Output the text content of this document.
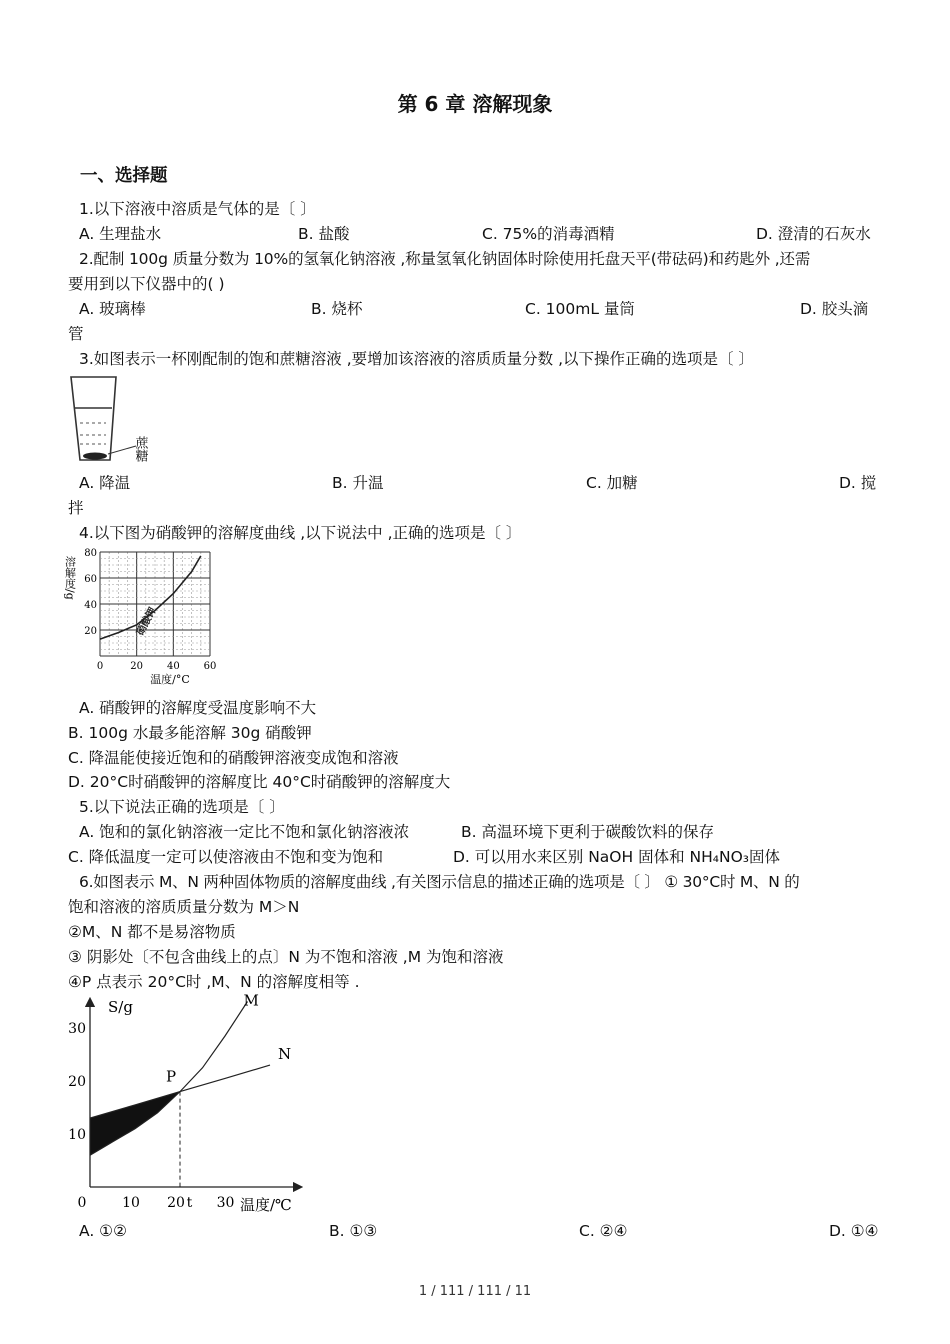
第 6 章 溶解现象
一、选择题
1.以下溶液中溶质是气体的是〔 〕
A. 生理盐水	B. 盐酸	C. 75%的消毒酒精	D. 澄清的石灰水
2.配制 100g 质量分数为 10%的氢氧化钠溶液 ,称量氢氧化钠固体时除使用托盘天平(带砝码)和药匙外 ,还需
要用到以下仪器中的( )
A. 玻璃棒	B. 烧杯	C. 100mL 量筒	D. 胶头滴
管
3.如图表示一杯刚配制的饱和蔗糖溶液 ,要增加该溶液的溶质质量分数 ,以下操作正确的选项是〔 〕
蔗糖
A. 降温	B. 升温	C. 加糖	D. 搅
拌
4.以下图为硝酸钾的溶解度曲线 ,以下说法中 ,正确的选项是〔 〕
0	20 40 60
20
40
60
80
硝酸钾
溶解度/g
温度/°C
A. 硝酸钾的溶解度受温度影响不大
B. 100g 水最多能溶解 30g 硝酸钾
C. 降温能使接近饱和的硝酸钾溶液变成饱和溶液
D. 20°C时硝酸钾的溶解度比 40°C时硝酸钾的溶解度大
5.以下说法正确的选项是〔 〕
A. 饱和的氯化钠溶液一定比不饱和氯化钠溶液浓	B. 高温环境下更利于碳酸饮料的保存
C. 降低温度一定可以使溶液由不饱和变为饱和	D. 可以用水来区别 NaOH 固体和 NH₄NO₃固体
6.如图表示 M、N 两种固体物质的溶解度曲线 ,有关图示信息的描述正确的选项是〔 〕 ① 30°C时 M、N 的
饱和溶液的溶质质量分数为 M＞N
②M、N 都不是易溶物质
③ 阴影处〔不包含曲线上的点〕N 为不饱和溶液 ,M 为饱和溶液
④P 点表示 20°C时 ,M、N 的溶解度相等 .
0	10 20 t 30
10
20
30
M
N
P
S/g
温度/℃
A. ①②	B. ①③	C. ②④	D. ①④
1 / 111 / 111 / 11
